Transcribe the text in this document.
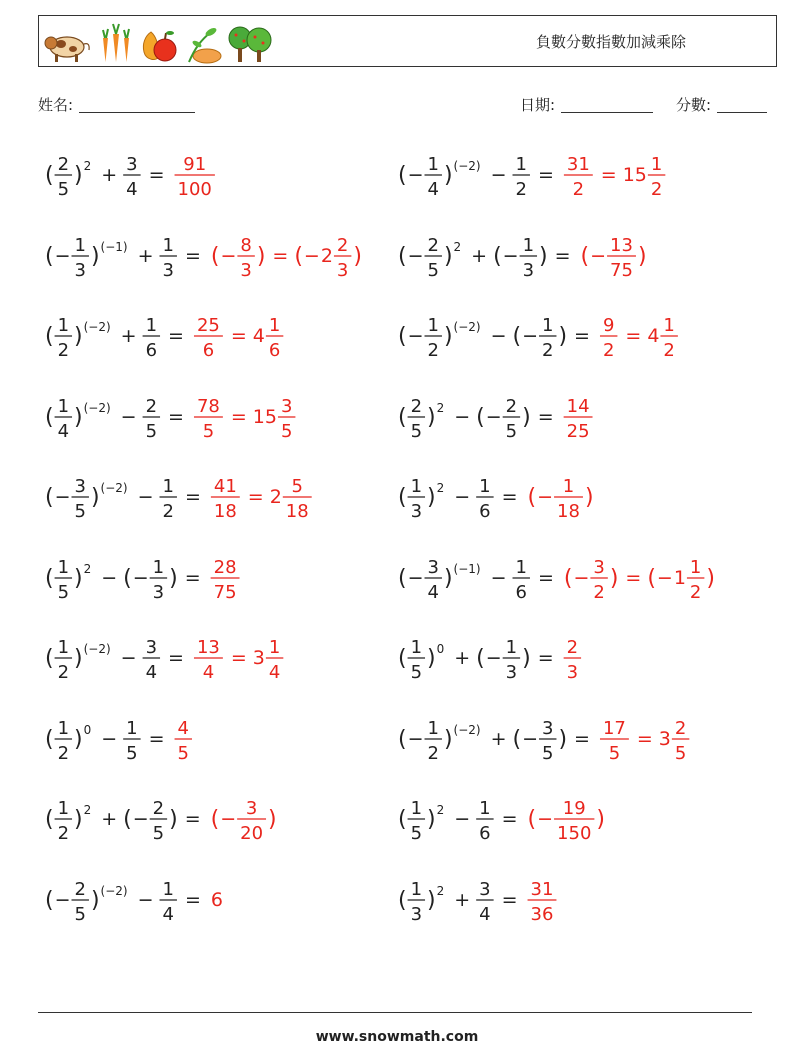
負數分數指數加減乘除
姓名:	日期:	分數:
( 2
5
) 2 + 3
4
= 91
100
( − 1
4
) (−2) − 1
2
= 31
2
= 15 1
2
( − 1
3
) (−1) + 1
3
= ( − 8
3
) = ( − 2 2
3
) ( − 2
5
) 2 + ( − 1
3
) = ( − 13
75
)
( 1
2
) (−2) + 1
6
= 25
6
= 4 1
6
( − 1
2
) (−2) − ( − 1
2
) = 9
2
= 4 1
2
( 1
4
) (−2) − 2
5
= 78
5
= 15 3
5
( 2
5
) 2 − ( − 2
5
) = 14
25
( − 3
5
) (−2) − 1
2
= 41
18
= 2 5
18
( 1
3
) 2 − 1
6
= ( − 1
18
)
( 1
5
) 2 − ( − 1
3
) = 28
75
( − 3
4
) (−1) − 1
6
= ( − 3
2
) = ( − 1 1
2
)
( 1
2
) (−2) − 3
4
= 13
4
= 3 1
4
( 1
5
) 0 + ( − 1
3
) = 2
3
( 1
2
) 0 − 1
5
= 4
5
( − 1
2
) (−2) + ( − 3
5
) = 17
5
= 3 2
5
( 1
2
) 2 + ( − 2
5
) = ( − 3
20
)	( 1
5
) 2 − 1
6
= ( − 19
150
)
( − 2
5
) (−2) − 1
4
= 6	( 1
3
) 2 + 3
4
= 31
36
www.snowmath.com
